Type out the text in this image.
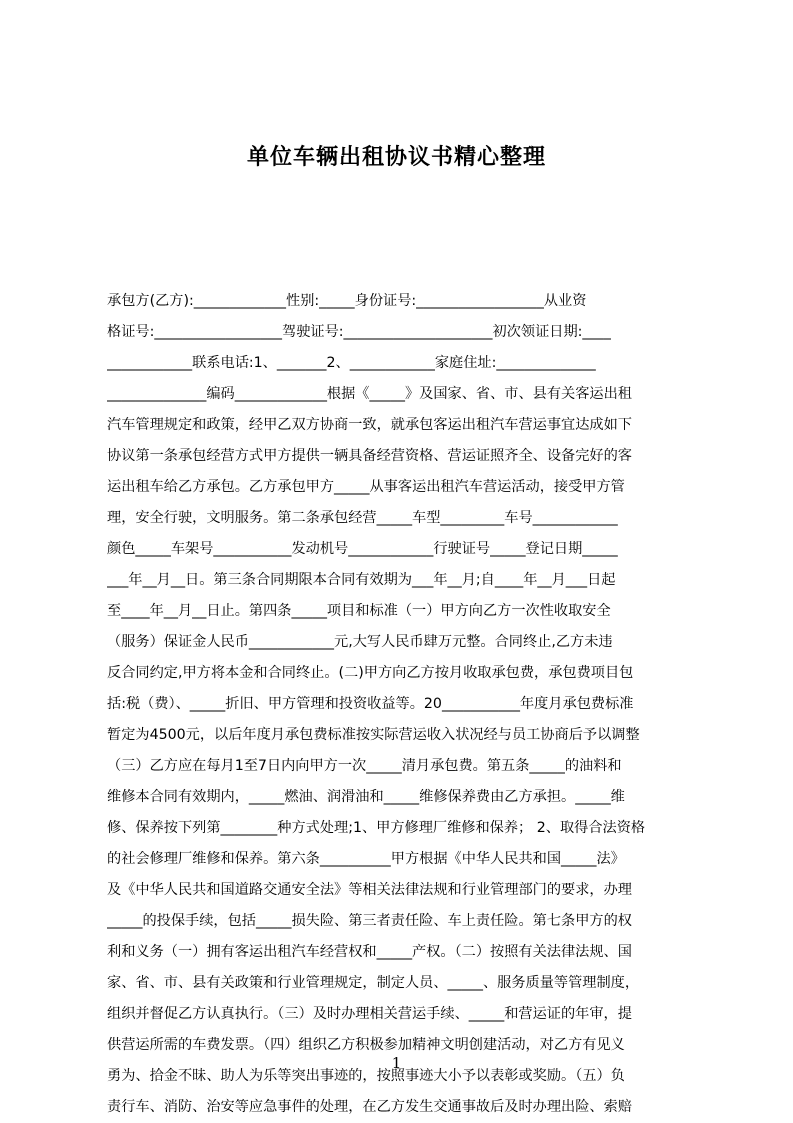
单位车辆出租协议书精心整理
承包方(乙方):_____________性别:_____身份证号:__________________从业资
格证号:__________________驾驶证号:_____________________初次领证日期:____
____________联系电话:1、_______2、____________家庭住址:______________
______________编码_____________根据《_____》及国家、省、市、县有关客运出租
汽车管理规定和政策，经甲乙双方协商一致，就承包客运出租汽车营运事宜达成如下
协议第一条承包经营方式甲方提供一辆具备经营资格、营运证照齐全、设备完好的客
运出租车给乙方承包。乙方承包甲方_____从事客运出租汽车营运活动，接受甲方管
理，安全行驶，文明服务。第二条承包经营_____车型_________车号____________
颜色_____车架号___________发动机号____________行驶证号_____登记日期_____
___年__月__日。第三条合同期限本合同有效期为___年__月;自____年__月___日起
至____年__月__日止。第四条_____项目和标准（一）甲方向乙方一次性收取安全
（服务）保证金人民币____________元,大写人民币肆万元整。合同终止,乙方未违
反合同约定,甲方将本金和合同终止。(二)甲方向乙方按月收取承包费，承包费项目包
括:税（费）、_____折旧、甲方管理和投资收益等。20___________年度月承包费标准
暂定为4500元，以后年度月承包费标准按实际营运收入状况经与员工协商后予以调整
（三）乙方应在每月1至7日内向甲方一次_____清月承包费。第五条_____的油料和
维修本合同有效期内，_____燃油、润滑油和_____维修保养费由乙方承担。_____维
修、保养按下列第________种方式处理;1、甲方修理厂维修和保养； 2、取得合法资格
的社会修理厂维修和保养。第六条__________甲方根据《中华人民共和国_____法》
及《中华人民共和国道路交通安全法》等相关法律法规和行业管理部门的要求，办理
_____的投保手续，包括_____损失险、第三者责任险、车上责任险。第七条甲方的权
利和义务（一）拥有客运出租汽车经营权和_____产权。（二）按照有关法律法规、国
家、省、市、县有关政策和行业管理规定，制定人员、_____、服务质量等管理制度，
组织并督促乙方认真执行。（三）及时办理相关营运手续、_____和营运证的年审，提
供营运所需的车费发票。（四）组织乙方积极参加精神文明创建活动，对乙方有见义
勇为、拾金不昧、助人为乐等突出事迹的，按照事迹大小予以表彰或奖励。（五）负
责行车、消防、治安等应急事件的处理，在乙方发生交通事故后及时办理出险、索赔
1
